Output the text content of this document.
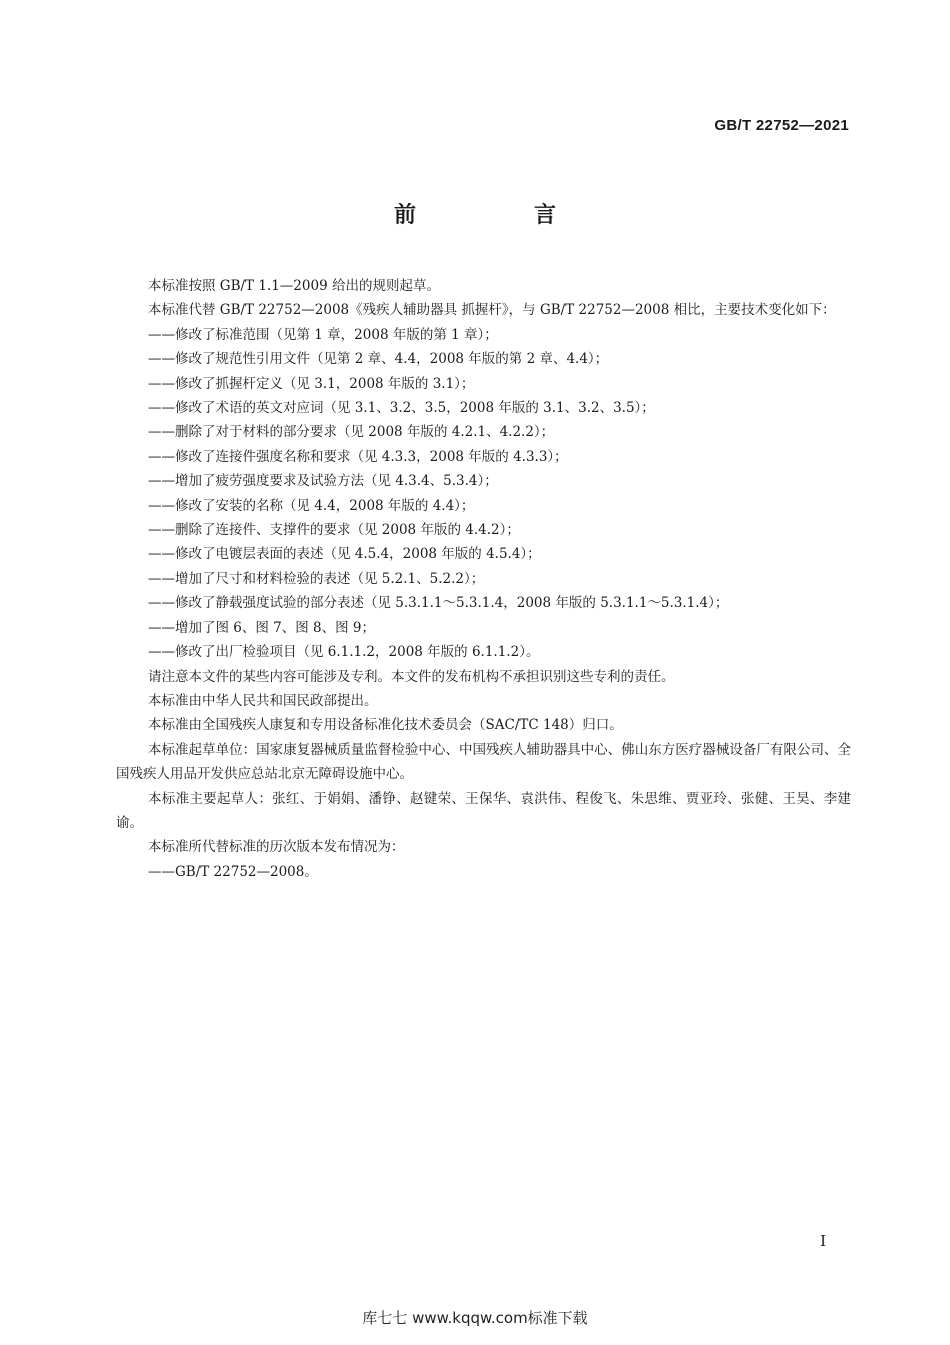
GB/T 22752—2021
前　言

本标准按照 GB/T 1.1—2009 给出的规则起草。

本标准代替 GB/T 22752—2008《残疾人辅助器具 抓握杆》，与 GB/T 22752—2008 相比，主要技术变化如下：

——修改了标准范围（见第 1 章，2008 年版的第 1 章）；

——修改了规范性引用文件（见第 2 章、4.4，2008 年版的第 2 章、4.4）；

——修改了抓握杆定义（见 3.1，2008 年版的 3.1）；

——修改了术语的英文对应词（见 3.1、3.2、3.5，2008 年版的 3.1、3.2、3.5）；

——删除了对于材料的部分要求（见 2008 年版的 4.2.1、4.2.2）；

——修改了连接件强度名称和要求（见 4.3.3，2008 年版的 4.3.3）；

——增加了疲劳强度要求及试验方法（见 4.3.4、5.3.4）；

——修改了安装的名称（见 4.4，2008 年版的 4.4）；

——删除了连接件、支撑件的要求（见 2008 年版的 4.4.2）；

——修改了电镀层表面的表述（见 4.5.4，2008 年版的 4.5.4）；

——增加了尺寸和材料检验的表述（见 5.2.1、5.2.2）；

——修改了静载强度试验的部分表述（见 5.3.1.1～5.3.1.4，2008 年版的 5.3.1.1～5.3.1.4）；

——增加了图 6、图 7、图 8、图 9；

——修改了出厂检验项目（见 6.1.1.2，2008 年版的 6.1.1.2）。

请注意本文件的某些内容可能涉及专利。本文件的发布机构不承担识别这些专利的责任。

本标准由中华人民共和国民政部提出。

本标准由全国残疾人康复和专用设备标准化技术委员会（SAC/TC 148）归口。

本标准起草单位：国家康复器械质量监督检验中心、中国残疾人辅助器具中心、佛山东方医疗器械设备厂有限公司、全国残疾人用品开发供应总站北京无障碍设施中心。

本标准主要起草人：张红、于娟娟、潘铮、赵键荣、王保华、袁洪伟、程俊飞、朱思维、贾亚玲、张健、王昊、李建谕。

本标准所代替标准的历次版本发布情况为：

——GB/T 22752—2008。

I
库七七 www.kqqw.com标准下载
